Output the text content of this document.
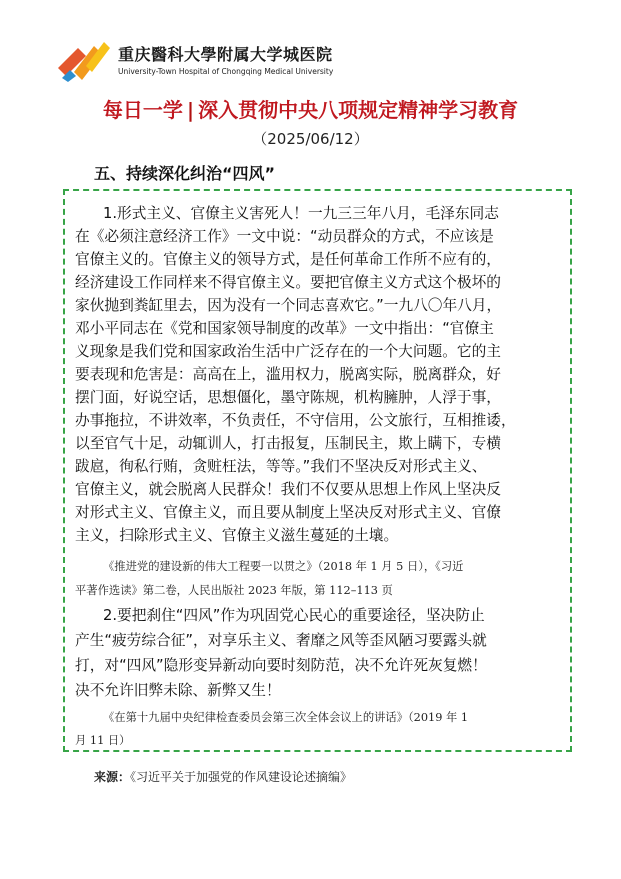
重庆醫科大學附属大学城医院
University-Town Hospital of Chongqing Medical University
每日一学 | 深入贯彻中央八项规定精神学习教育
（2025/06/12）
五、持续深化纠治“四风”
1.形式主义、官僚主义害死人！一九三三年八月，毛泽东同志
在《必须注意经济工作》一文中说：“动员群众的方式，不应该是
官僚主义的。官僚主义的领导方式，是任何革命工作所不应有的，
经济建设工作同样来不得官僚主义。要把官僚主义方式这个极坏的
家伙抛到粪缸里去，因为没有一个同志喜欢它。”一九八〇年八月，
邓小平同志在《党和国家领导制度的改革》一文中指出：“官僚主
义现象是我们党和国家政治生活中广泛存在的一个大问题。它的主
要表现和危害是：高高在上，滥用权力，脱离实际，脱离群众，好
摆门面，好说空话，思想僵化，墨守陈规，机构臃肿，人浮于事，
办事拖拉，不讲效率，不负责任，不守信用，公文旅行，互相推诿，
以至官气十足，动辄训人，打击报复，压制民主，欺上瞒下，专横
跋扈，徇私行贿，贪赃枉法，等等。”我们不坚决反对形式主义、
官僚主义，就会脱离人民群众！我们不仅要从思想上作风上坚决反
对形式主义、官僚主义，而且要从制度上坚决反对形式主义、官僚
主义，扫除形式主义、官僚主义滋生蔓延的土壤。
《推进党的建设新的伟大工程要一以贯之》（2018 年 1 月 5 日），《习近
平著作选读》第二卷，人民出版社 2023 年版，第 112–113 页
2.要把刹住“四风”作为巩固党心民心的重要途径，坚决防止
产生“疲劳综合征”，对享乐主义、奢靡之风等歪风陋习要露头就
打，对“四风”隐形变异新动向要时刻防范，决不允许死灰复燃！
决不允许旧弊未除、新弊又生！
《在第十九届中央纪律检查委员会第三次全体会议上的讲话》（2019 年 1
月 11 日）
来源：《习近平关于加强党的作风建设论述摘编》
